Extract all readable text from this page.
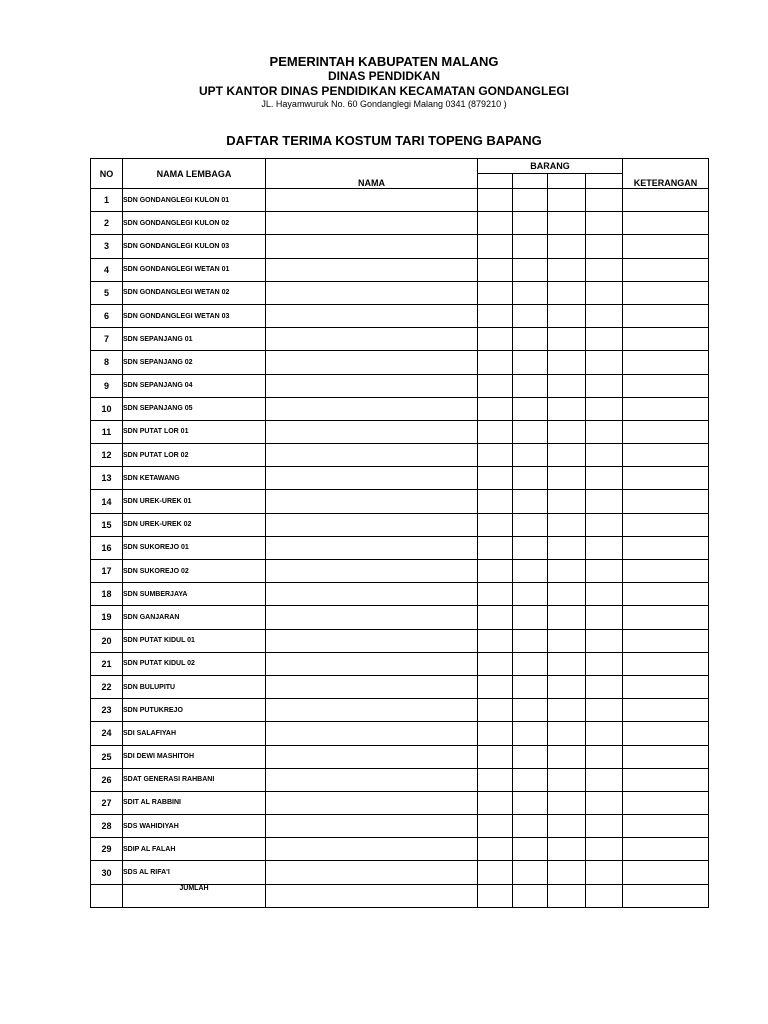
PEMERINTAH KABUPATEN MALANG
DINAS PENDIDKAN
UPT KANTOR DINAS PENDIDIKAN KECAMATAN GONDANGLEGI
JL. Hayamwuruk No. 60 Gondanglegi Malang 0341 (879210 )
DAFTAR TERIMA KOSTUM TARI TOPENG BAPANG
NO	NAMA LEMBAGA	NAMA	BARANG				KETERANGAN

1	SDN GONDANGLEGI KULON 01						
2	SDN GONDANGLEGI KULON 02						
3	SDN GONDANGLEGI KULON 03						
4	SDN GONDANGLEGI WETAN 01						
5	SDN GONDANGLEGI WETAN 02						
6	SDN GONDANGLEGI WETAN 03						
7	SDN SEPANJANG 01						
8	SDN SEPANJANG 02						
9	SDN SEPANJANG 04						
10	SDN SEPANJANG 05						
11	SDN PUTAT LOR 01						
12	SDN PUTAT LOR 02						
13	SDN KETAWANG						
14	SDN UREK-UREK 01						
15	SDN UREK-UREK 02						
16	SDN SUKOREJO 01						
17	SDN SUKOREJO 02						
18	SDN SUMBERJAYA						
19	SDN GANJARAN						
20	SDN PUTAT KIDUL 01						
21	SDN PUTAT KIDUL 02						
22	SDN BULUPITU						
23	SDN PUTUKREJO						
24	SDI SALAFIYAH						
25	SDI DEWI MASHITOH						
26	SDAT GENERASI RAHBANI						
27	SDIT AL RABBINI						
28	SDS WAHIDIYAH						
29	SDIP AL FALAH						
30	SDS AL RIFA'I						
	JUMLAH						
